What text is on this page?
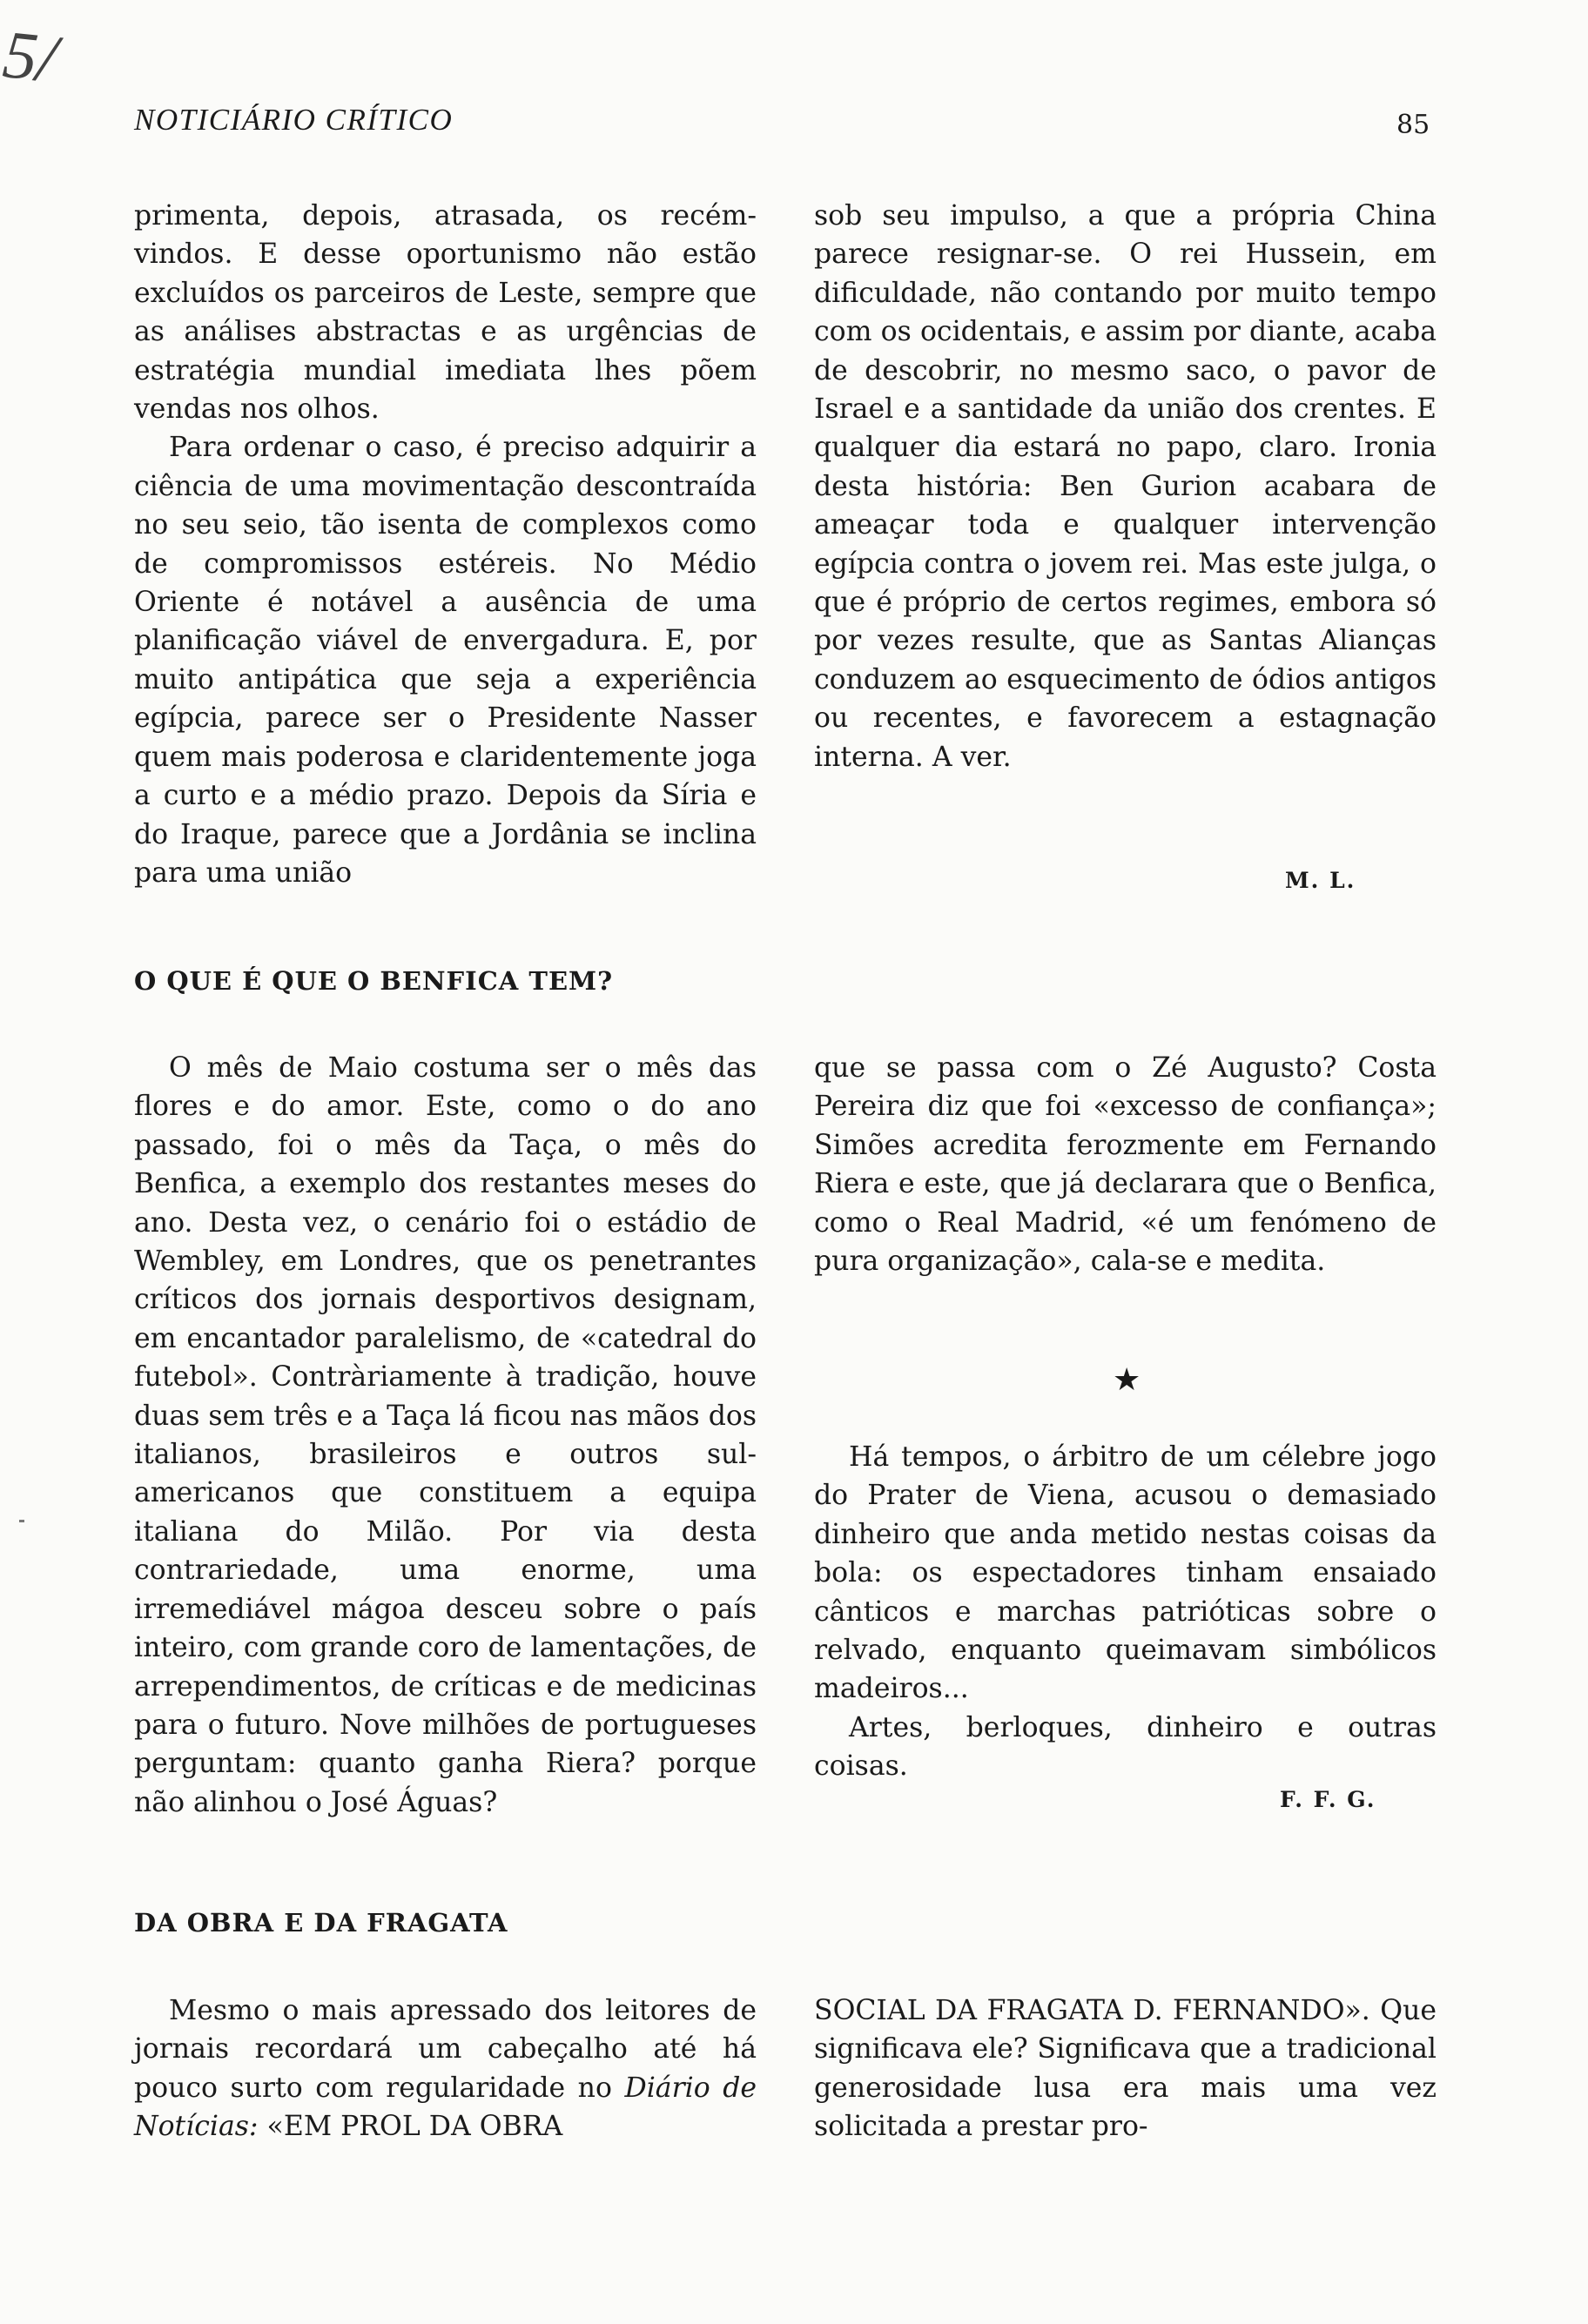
5/
NOTICIÁRIO CRÍTICO	85

primenta, depois, atrasada, os recém-vindos. E desse oportunismo não estão excluídos os parceiros de Leste, sempre que as análises abstractas e as urgências de estratégia mundial imediata lhes põem vendas nos olhos.

Para ordenar o caso, é preciso adquirir a ciência de uma movimentação descontraída no seu seio, tão isenta de complexos como de compromissos estéreis. No Médio Oriente é notável a ausência de uma planificação viável de envergadura. E, por muito antipática que seja a experiência egípcia, parece ser o Presidente Nasser quem mais poderosa e claridentemente joga a curto e a médio prazo. Depois da Síria e do Iraque, parece que a Jordânia se inclina para uma união

sob seu impulso, a que a própria China parece resignar-se. O rei Hussein, em dificuldade, não contando por muito tempo com os ocidentais, e assim por diante, acaba de descobrir, no mesmo saco, o pavor de Israel e a santidade da união dos crentes. E qualquer dia estará no papo, claro. Ironia desta história: Ben Gurion acabara de ameaçar toda e qualquer intervenção egípcia contra o jovem rei. Mas este julga, o que é próprio de certos regimes, embora só por vezes resulte, que as Santas Alianças conduzem ao esquecimento de ódios antigos ou recentes, e favorecem a estagnação interna. A ver.

M. L.
O QUE É QUE O BENFICA TEM?

O mês de Maio costuma ser o mês das flores e do amor. Este, como o do ano passado, foi o mês da Taça, o mês do Benfica, a exemplo dos restantes meses do ano. Desta vez, o cenário foi o estádio de Wembley, em Londres, que os penetrantes críticos dos jornais desportivos designam, em encantador paralelismo, de «catedral do futebol». Contràriamente à tradição, houve duas sem três e a Taça lá ficou nas mãos dos italianos, brasileiros e outros sul-americanos que constituem a equipa italiana do Milão. Por via desta contrariedade, uma enorme, uma irremediável mágoa desceu sobre o país inteiro, com grande coro de lamentações, de arrependimentos, de críticas e de medicinas para o futuro. Nove milhões de portugueses perguntam: quanto ganha Riera? porque não alinhou o José Águas?

que se passa com o Zé Augusto? Costa Pereira diz que foi «excesso de confiança»; Simões acredita ferozmente em Fernando Riera e este, que já declarara que o Benfica, como o Real Madrid, «é um fenómeno de pura organização», cala-se e medita.

★

Há tempos, o árbitro de um célebre jogo do Prater de Viena, acusou o demasiado dinheiro que anda metido nestas coisas da bola: os espectadores tinham ensaiado cânticos e marchas patrióticas sobre o relvado, enquanto queimavam simbólicos madeiros...

Artes, berloques, dinheiro e outras coisas.

F. F. G.
DA OBRA E DA FRAGATA

Mesmo o mais apressado dos leitores de jornais recordará um cabeçalho até há pouco surto com regularidade no Diário de Notícias: «EM PROL DA OBRA

SOCIAL DA FRAGATA D. FERNANDO». Que significava ele? Significava que a tradicional generosidade lusa era mais uma vez solicitada a prestar pro-
